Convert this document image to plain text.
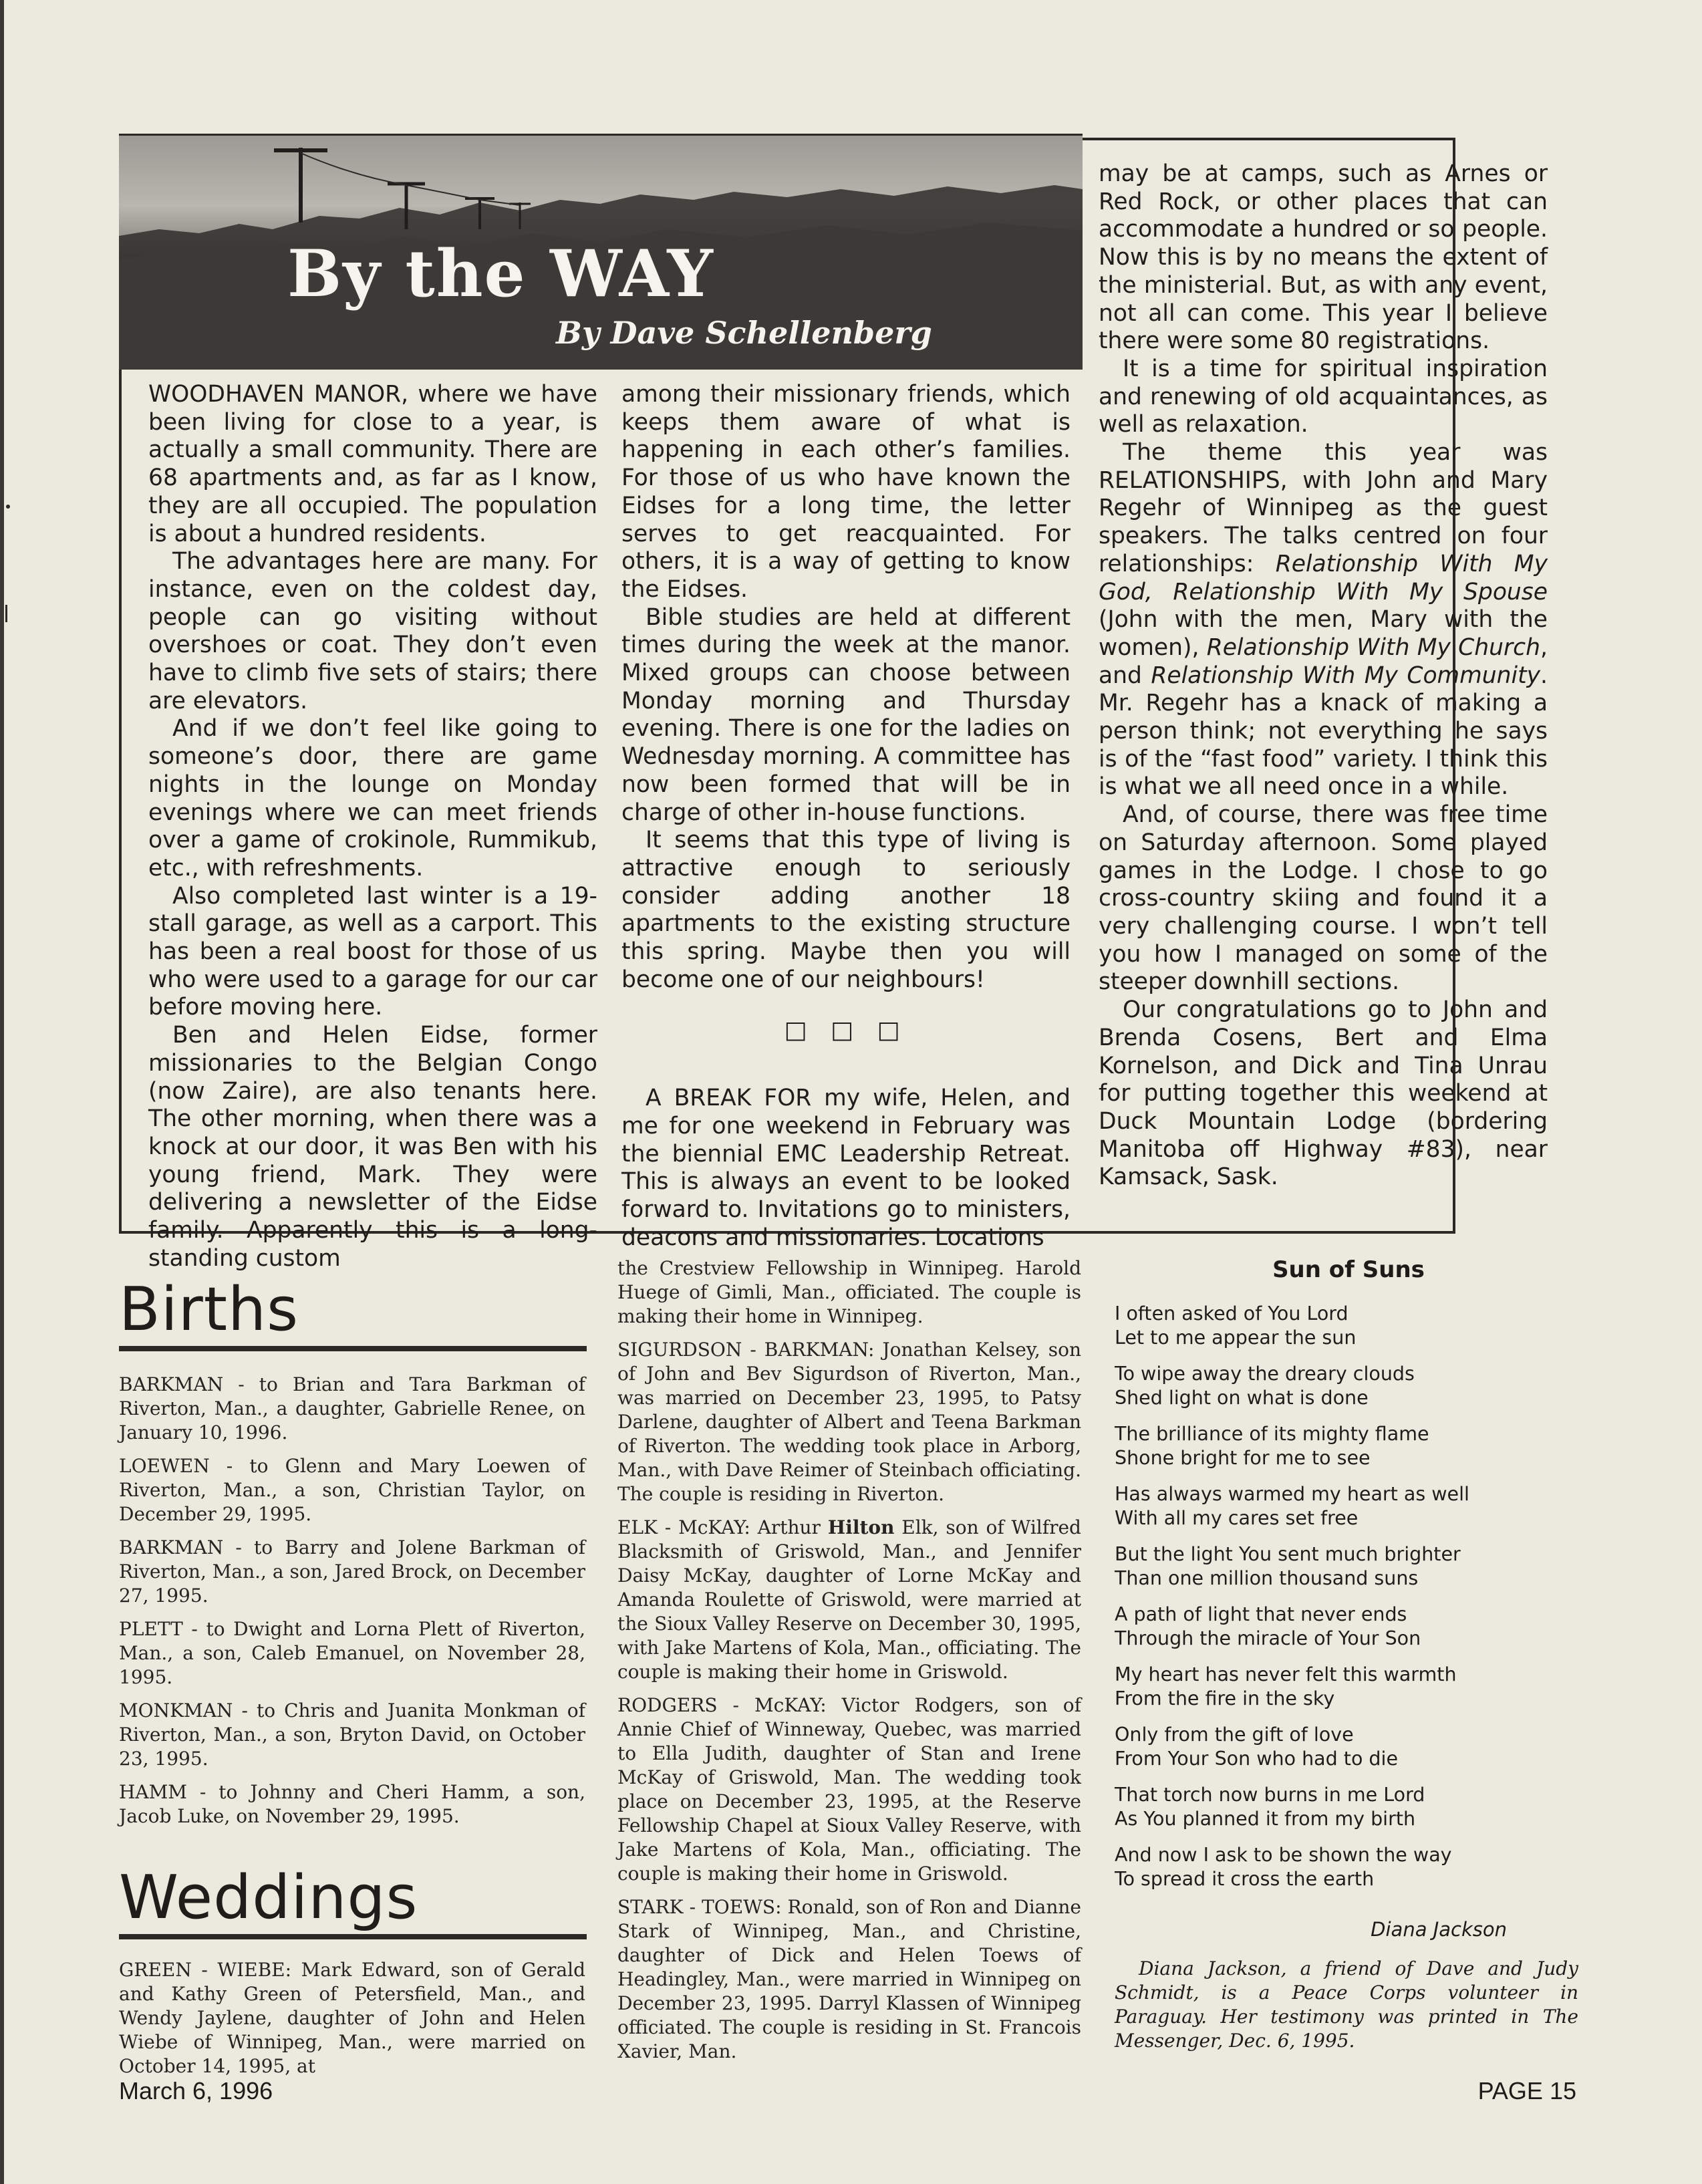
By the WAY
By Dave Schellenberg

WOODHAVEN MANOR, where we have been living for close to a year, is actually a small community. There are 68 apartments and, as far as I know, they are all occupied. The population is about a hundred residents.

The advantages here are many. For instance, even on the coldest day, people can go visiting without overshoes or coat. They don’t even have to climb five sets of stairs; there are elevators.

And if we don’t feel like going to someone’s door, there are game nights in the lounge on Monday evenings where we can meet friends over a game of crokinole, Rummikub, etc., with refreshments.

Also completed last winter is a 19-stall garage, as well as a carport. This has been a real boost for those of us who were used to a garage for our car before moving here.

Ben and Helen Eidse, former missionaries to the Belgian Congo (now Zaire), are also tenants here. The other morning, when there was a knock at our door, it was Ben with his young friend, Mark. They were delivering a newsletter of the Eidse family. Apparently this is a long-standing custom

among their missionary friends, which keeps them aware of what is happening in each other’s families. For those of us who have known the Eidses for a long time, the letter serves to get reacquainted. For others, it is a way of getting to know the Eidses.

Bible studies are held at different times during the week at the manor. Mixed groups can choose between Monday morning and Thursday evening. There is one for the ladies on Wednesday morning. A committee has now been formed that will be in charge of other in-house functions.

It seems that this type of living is attractive enough to seriously consider adding another 18 apartments to the existing structure this spring. Maybe then you will become one of our neighbours!

□ □ □

A BREAK FOR my wife, Helen, and me for one weekend in February was the biennial EMC Leadership Retreat. This is always an event to be looked forward to. Invitations go to ministers, deacons and missionaries. Locations

may be at camps, such as Arnes or Red Rock, or other places that can accommodate a hundred or so people. Now this is by no means the extent of the ministerial. But, as with any event, not all can come. This year I believe there were some 80 registrations.

It is a time for spiritual inspiration and renewing of old acquaintances, as well as relaxation.

The theme this year was RELATIONSHIPS, with John and Mary Regehr of Winnipeg as the guest speakers. The talks centred on four relationships: Relationship With My God, Relationship With My Spouse (John with the men, Mary with the women), Relationship With My Church, and Relationship With My Community. Mr. Regehr has a knack of making a person think; not everything he says is of the “fast food” variety. I think this is what we all need once in a while.

And, of course, there was free time on Saturday afternoon. Some played games in the Lodge. I chose to go cross-country skiing and found it a very challenging course. I won’t tell you how I managed on some of the steeper downhill sections.

Our congratulations go to John and Brenda Cosens, Bert and Elma Kornelson, and Dick and Tina Unrau for putting together this weekend at Duck Mountain Lodge (bordering Manitoba off Highway #83), near Kamsack, Sask.

Births

BARKMAN - to Brian and Tara Barkman of Riverton, Man., a daughter, Gabrielle Renee, on January 10, 1996.

LOEWEN - to Glenn and Mary Loewen of Riverton, Man., a son, Christian Taylor, on December 29, 1995.

BARKMAN - to Barry and Jolene Barkman of Riverton, Man., a son, Jared Brock, on December 27, 1995.

PLETT - to Dwight and Lorna Plett of Riverton, Man., a son, Caleb Emanuel, on November 28, 1995.

MONKMAN - to Chris and Juanita Monkman of Riverton, Man., a son, Bryton David, on October 23, 1995.

HAMM - to Johnny and Cheri Hamm, a son, Jacob Luke, on November 29, 1995.

Weddings

GREEN - WIEBE: Mark Edward, son of Gerald and Kathy Green of Petersfield, Man., and Wendy Jaylene, daughter of John and Helen Wiebe of Winnipeg, Man., were married on October 14, 1995, at

the Crestview Fellowship in Winnipeg. Harold Huege of Gimli, Man., officiated. The couple is making their home in Winnipeg.

SIGURDSON - BARKMAN: Jonathan Kelsey, son of John and Bev Sigurdson of Riverton, Man., was married on December 23, 1995, to Patsy Darlene, daughter of Albert and Teena Barkman of Riverton. The wedding took place in Arborg, Man., with Dave Reimer of Steinbach officiating. The couple is residing in Riverton.

ELK - McKAY: Arthur Hilton Elk, son of Wilfred Blacksmith of Griswold, Man., and Jennifer Daisy McKay, daughter of Lorne McKay and Amanda Roulette of Griswold, were married at the Sioux Valley Reserve on December 30, 1995, with Jake Martens of Kola, Man., officiating. The couple is making their home in Griswold.

RODGERS - McKAY: Victor Rodgers, son of Annie Chief of Winneway, Quebec, was married to Ella Judith, daughter of Stan and Irene McKay of Griswold, Man. The wedding took place on December 23, 1995, at the Reserve Fellowship Chapel at Sioux Valley Reserve, with Jake Martens of Kola, Man., officiating. The couple is making their home in Griswold.

STARK - TOEWS: Ronald, son of Ron and Dianne Stark of Winnipeg, Man., and Christine, daughter of Dick and Helen Toews of Headingley, Man., were married in Winnipeg on December 23, 1995. Darryl Klassen of Winnipeg officiated. The couple is residing in St. Francois Xavier, Man.

Sun of Suns
I often asked of You Lord
Let to me appear the sun
To wipe away the dreary clouds
Shed light on what is done
The brilliance of its mighty flame
Shone bright for me to see
Has always warmed my heart as well
With all my cares set free
But the light You sent much brighter
Than one million thousand suns
A path of light that never ends
Through the miracle of Your Son
My heart has never felt this warmth
From the fire in the sky
Only from the gift of love
From Your Son who had to die
That torch now burns in me Lord
As You planned it from my birth
And now I ask to be shown the way
To spread it cross the earth
Diana Jackson
Diana Jackson, a friend of Dave and Judy Schmidt, is a Peace Corps volunteer in Paraguay. Her testimony was printed in The Messenger, Dec. 6, 1995.
March 6, 1996	PAGE 15
